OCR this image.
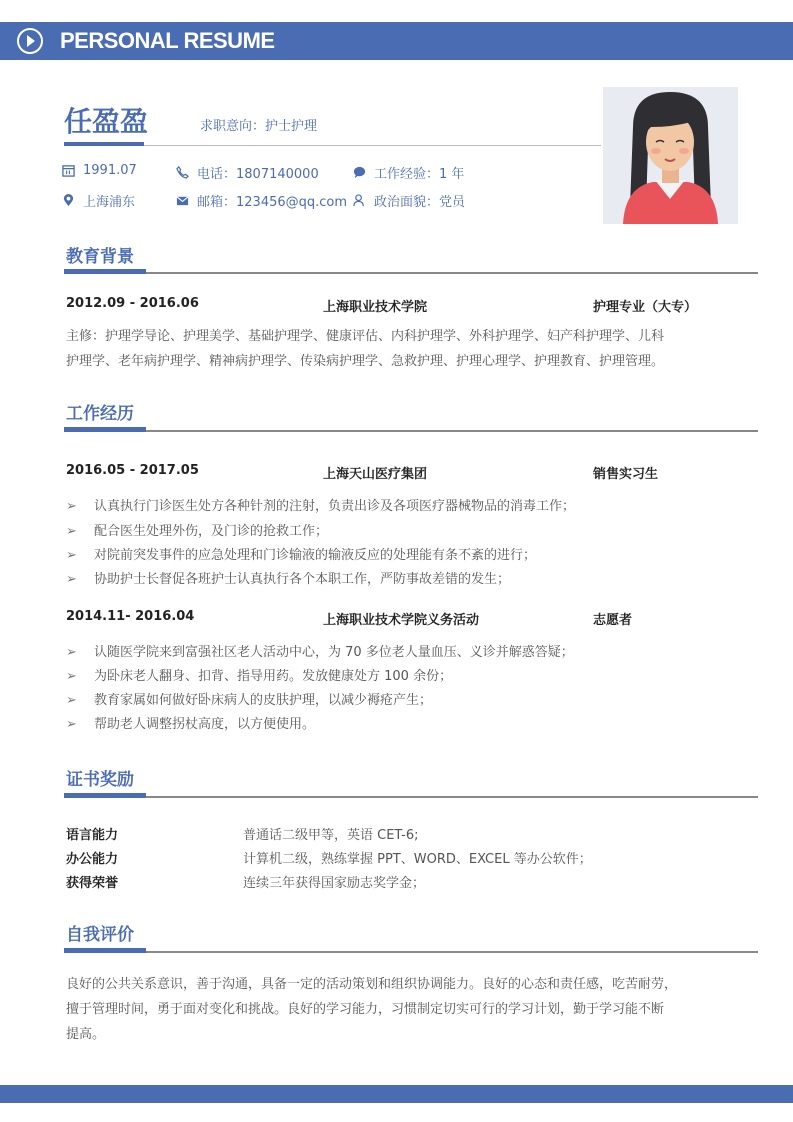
PERSONAL RESUME
任盈盈	求职意向：护士护理
1991.07	电话：1807140000	工作经验：1 年
上海浦东	邮箱：123456@qq.com 政治面貌：党员
教育背景
2012.09 - 2016.06	上海职业技术学院	护理专业（大专）
主修：护理学导论、护理美学、基础护理学、健康评估、内科护理学、外科护理学、妇产科护理学、儿科
护理学、老年病护理学、精神病护理学、传染病护理学、急救护理、护理心理学、护理教育、护理管理。
工作经历
2016.05 - 2017.05	上海天山医疗集团	销售实习生
➢ 认真执行门诊医生处方各种针剂的注射，负责出诊及各项医疗器械物品的消毒工作；
➢ 配合医生处理外伤，及门诊的抢救工作；
➢ 对院前突发事件的应急处理和门诊输液的输液反应的处理能有条不紊的进行；
➢ 协助护士长督促各班护士认真执行各个本职工作，严防事故差错的发生；
2014.11- 2016.04	上海职业技术学院义务活动	志愿者
➢ 认随医学院来到富强社区老人活动中心，为 70 多位老人量血压、义诊并解惑答疑；
➢ 为卧床老人翻身、扣背、指导用药。发放健康处方 100 余份；
➢ 教育家属如何做好卧床病人的皮肤护理，以减少褥疮产生；
➢ 帮助老人调整拐杖高度，以方便使用。
证书奖励
语言能力	普通话二级甲等，英语 CET-6;
办公能力	计算机二级，熟练掌握 PPT、WORD、EXCEL 等办公软件；
获得荣誉	连续三年获得国家励志奖学金；
自我评价
良好的公共关系意识，善于沟通，具备一定的活动策划和组织协调能力。良好的心态和责任感，吃苦耐劳，
擅于管理时间，勇于面对变化和挑战。良好的学习能力，习惯制定切实可行的学习计划，勤于学习能不断
提高。
